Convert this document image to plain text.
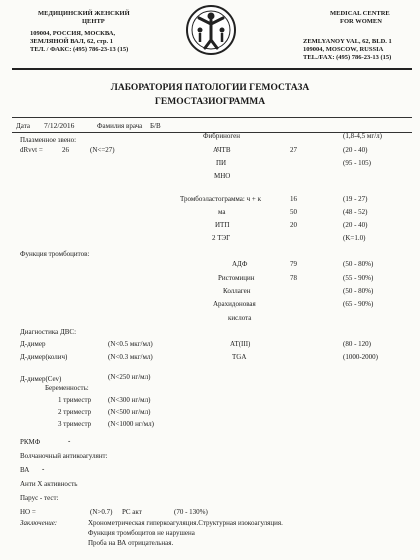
МЕДИЦИНСКИЙ ЖЕНСКИЙ
ЦЕНТР
109004, РОССИЯ, МОСКВА,
ЗЕМЛЯНОЙ ВАЛ, 62, стр. 1
ТЕЛ. / ФАКС: (495) 786-23-13 (15)
MEDICAL CENTRE
FOR WOMEN
ZEMLYANOY VAL, 62, BLD. 1
109004, MOSCOW, RUSSIA
TEL./FAX: (495) 786-23-13 (15)
ЛАБОРАТОРИЯ ПАТОЛОГИИ ГЕМОСТАЗА
ГЕМОСТАЗИОГРАММА
Дата 7/12/2016	Фамилия врача Б/В
Плазменное звено:
dRvvt =	26	(N<=27)
Фибриноген	(1,8-4,5 мг/л)
АЧТВ	27	(20 - 40)
ПИ	(95 - 105)
МНО
Тромбоэластограмма: ч + к	16	(19 - 27)
ма	50	(48 - 52)
ИТП	20	(20 - 40)
2 ТЭГ	(K=1.0)
Функция тромбоцитов:
АДФ	79	(50 - 80%)
Ристомицин	78	(55 - 90%)
Коллаген	(50 - 80%)
Арахидоновая	(65 - 90%)
кислота
Диагностика ДВС:
Д-димер	(N<0.5 мкг/мл)	АТ(III)	(80 - 120)
Д-димер(колич)	(N<0.3 мкг/мл)	TGA	(1000-2000)
Д-димер(Cev)	(N<250 нг/мл)
Беременность:
1 триместр (N<300 нг/мл)
2 триместр (N<500 нг/мл)
3 триместр (N<1000 нг/мл)
РКМФ	-
Волчаночный антикоагулянт:
ВА -
Анти Х активность
Парус - тест:
НО =	(N>0.7) PC акт	(70 - 130%)
Заключение:	Хронометрическая гиперкоагуляция.Структурная изокоагуляция.
Функция тромбоцитов не нарушена
Проба на ВА отрицательная.
